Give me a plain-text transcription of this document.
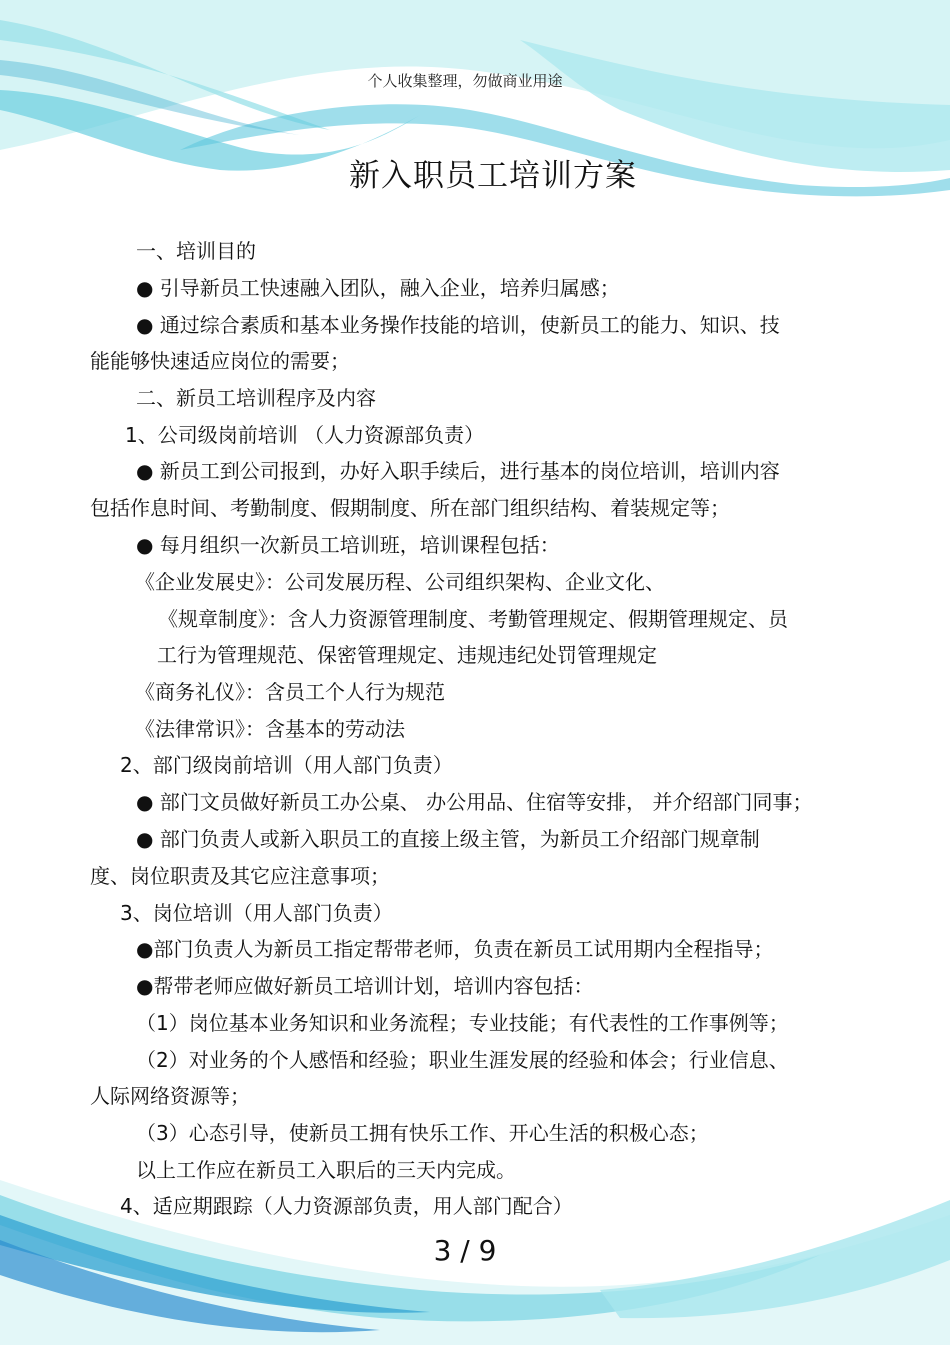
个人收集整理，勿做商业用途
新入职员工培训方案
一、培训目的
● 引导新员工快速融入团队，融入企业，培养归属感；
● 通过综合素质和基本业务操作技能的培训，使新员工的能力、知识、技
能能够快速适应岗位的需要；
二、新员工培训程序及内容
1、公司级岗前培训 （人力资源部负责）
● 新员工到公司报到，办好入职手续后，进行基本的岗位培训，培训内容
包括作息时间、考勤制度、假期制度、所在部门组织结构、着装规定等；
● 每月组织一次新员工培训班，培训课程包括：
《企业发展史》：公司发展历程、公司组织架构、企业文化、
《规章制度》：含人力资源管理制度、考勤管理规定、假期管理规定、员
工行为管理规范、保密管理规定、违规违纪处罚管理规定
《商务礼仪》：含员工个人行为规范
《法律常识》：含基本的劳动法
2、部门级岗前培训（用人部门负责）
● 部门文员做好新员工办公桌、 办公用品、住宿等安排， 并介绍部门同事；
● 部门负责人或新入职员工的直接上级主管，为新员工介绍部门规章制
度、岗位职责及其它应注意事项；
3、岗位培训（用人部门负责）
●部门负责人为新员工指定帮带老师，负责在新员工试用期内全程指导；
●帮带老师应做好新员工培训计划，培训内容包括：
（1）岗位基本业务知识和业务流程；专业技能；有代表性的工作事例等；
（2）对业务的个人感悟和经验；职业生涯发展的经验和体会；行业信息、
人际网络资源等；
（3）心态引导，使新员工拥有快乐工作、开心生活的积极心态；
以上工作应在新员工入职后的三天内完成。
4、适应期跟踪（人力资源部负责，用人部门配合）
3 / 9
